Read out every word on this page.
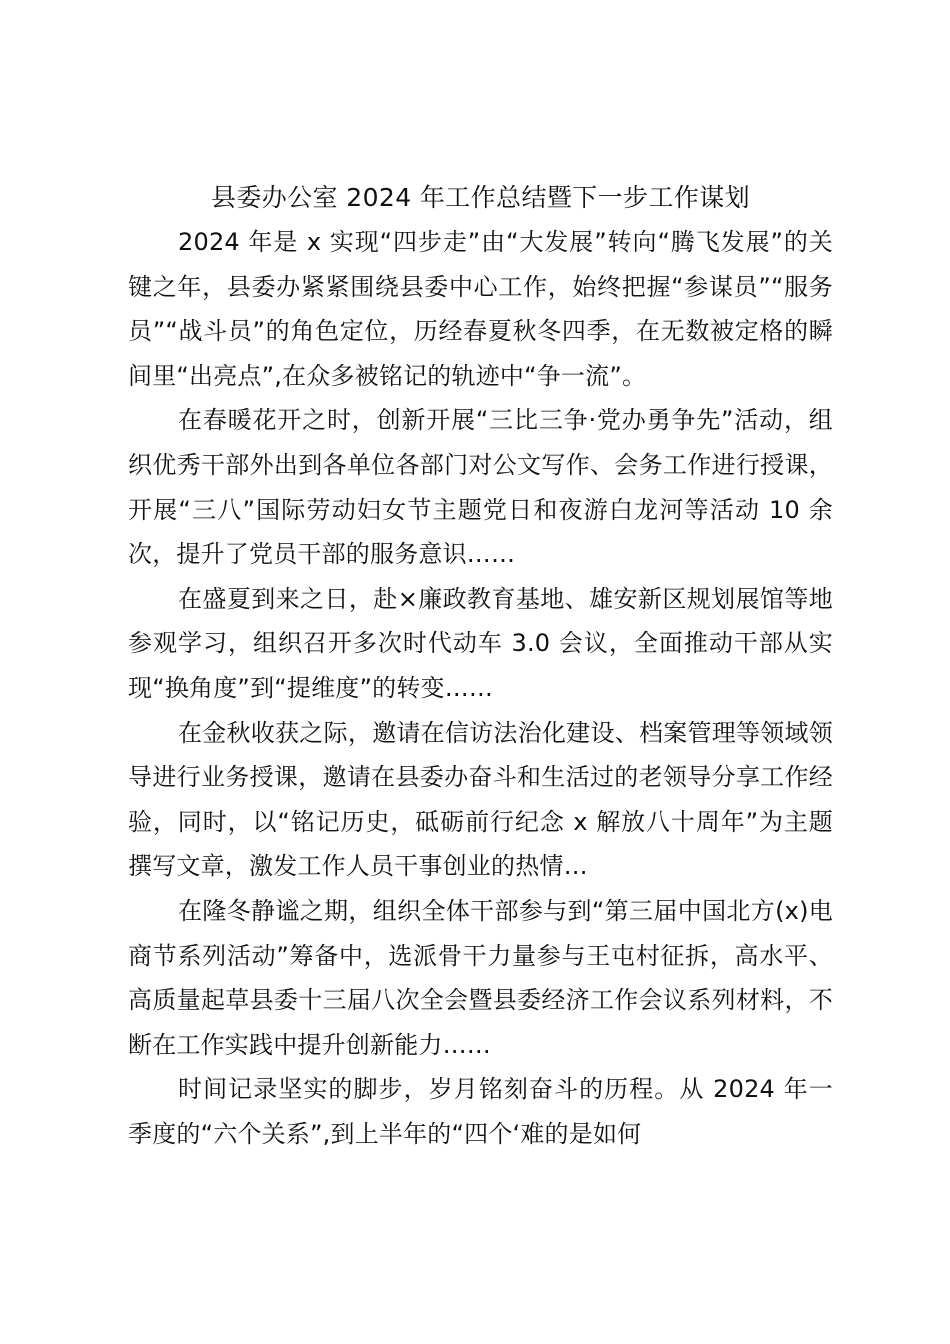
县委办公室 2024 年工作总结暨下一步工作谋划

2024 年是 x 实现“四步走”由“大发展”转向“腾飞发展”的关键之年，县委办紧紧围绕县委中心工作，始终把握“参谋员”“服务员”“战斗员”的角色定位，历经春夏秋冬四季，在无数被定格的瞬间里“出亮点”,在众多被铭记的轨迹中“争一流”。

在春暖花开之时，创新开展“三比三争·党办勇争先”活动，组织优秀干部外出到各单位各部门对公文写作、会务工作进行授课，开展“三八”国际劳动妇女节主题党日和夜游白龙河等活动 10 余次，提升了党员干部的服务意识……

在盛夏到来之日，赴×廉政教育基地、雄安新区规划展馆等地参观学习，组织召开多次时代动车 3.0 会议，全面推动干部从实现“换角度”到“提维度”的转变……

在金秋收获之际，邀请在信访法治化建设、档案管理等领域领导进行业务授课，邀请在县委办奋斗和生活过的老领导分享工作经验，同时，以“铭记历史，砥砺前行纪念 x 解放八十周年”为主题撰写文章，激发工作人员干事创业的热情…

在隆冬静谧之期，组织全体干部参与到“第三届中国北方(x)电商节系列活动”筹备中，选派骨干力量参与王屯村征拆，高水平、高质量起草县委十三届八次全会暨县委经济工作会议系列材料，不断在工作实践中提升创新能力……

时间记录坚实的脚步，岁月铭刻奋斗的历程。从 2024 年一季度的“六个关系”,到上半年的“四个‘难的是如何
